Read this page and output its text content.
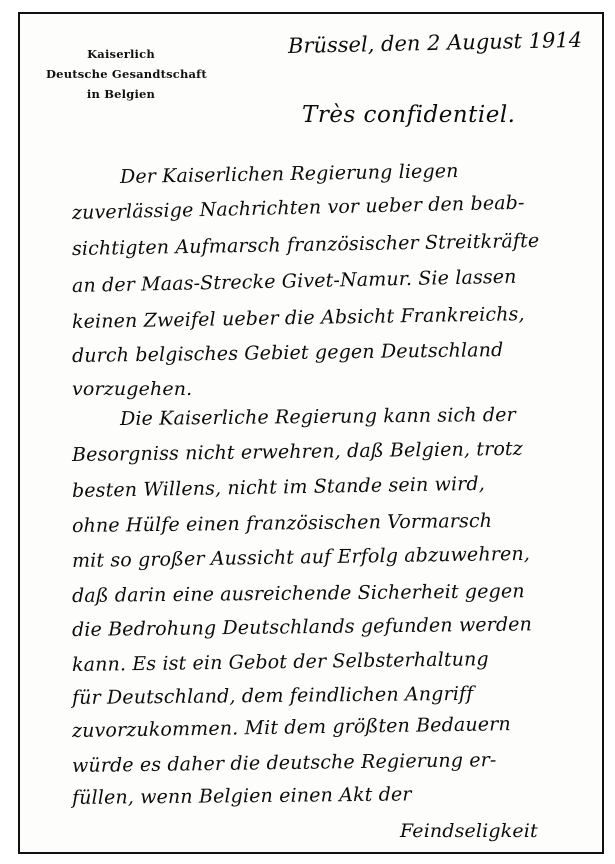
Kaiserlich
Deutsche Gesandtschaft
in Belgien
Brüssel, den 2 August 1914
Très confidentiel.
Der Kaiserlichen Regierung liegen
zuverlässige Nachrichten vor ueber den beab-
sichtigten Aufmarsch französischer Streitkräfte
an der Maas-Strecke Givet-Namur. Sie lassen
keinen Zweifel ueber die Absicht Frankreichs,
durch belgisches Gebiet gegen Deutschland
vorzugehen.
Die Kaiserliche Regierung kann sich der
Besorgniss nicht erwehren, daß Belgien, trotz
besten Willens, nicht im Stande sein wird,
ohne Hülfe einen französischen Vormarsch
mit so großer Aussicht auf Erfolg abzuwehren,
daß darin eine ausreichende Sicherheit gegen
die Bedrohung Deutschlands gefunden werden
kann. Es ist ein Gebot der Selbsterhaltung
für Deutschland, dem feindlichen Angriff
zuvorzukommen. Mit dem größten Bedauern
würde es daher die deutsche Regierung er-
füllen, wenn Belgien einen Akt der
Feindseligkeit
